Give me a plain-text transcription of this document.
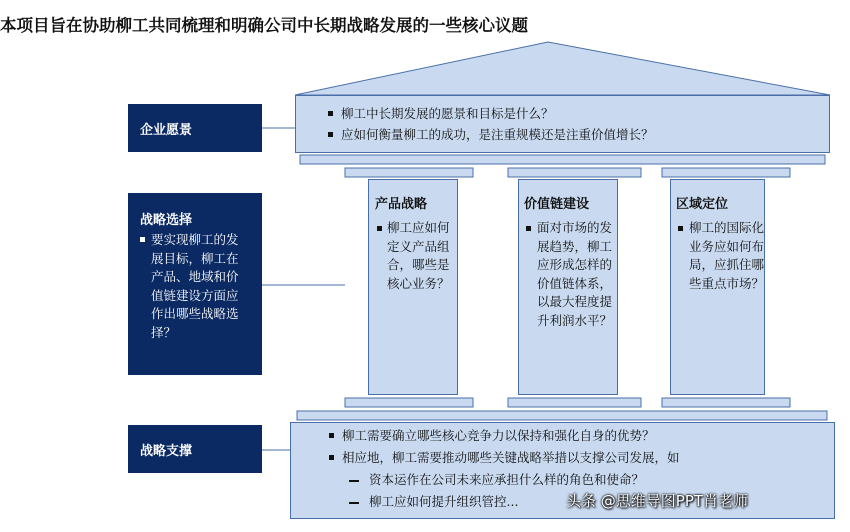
本项目旨在协助柳工共同梳理和明确公司中长期战略发展的一些核心议题
柳工中长期发展的愿景和目标是什么？
应如何衡量柳工的成功，是注重规模还是注重价值增长？
企业愿景
战略选择
要实现柳工的发展目标，柳工在产品、地域和价值链建设方面应作出哪些战略选择？
战略支撑
产品战略
柳工应如何定义产品组合，哪些是核心业务？
价值链建设
面对市场的发展趋势，柳工应形成怎样的价值链体系，以最大程度提升利润水平？
区域定位
柳工的国际化业务应如何布局，应抓住哪些重点市场？
柳工需要确立哪些核心竞争力以保持和强化自身的优势？
相应地，柳工需要推动哪些关键战略举措以支撑公司发展，如
资本运作在公司未来应承担什么样的角色和使命？
柳工应如何提升组织管控...	头条 @思维导图PPT肖老师
